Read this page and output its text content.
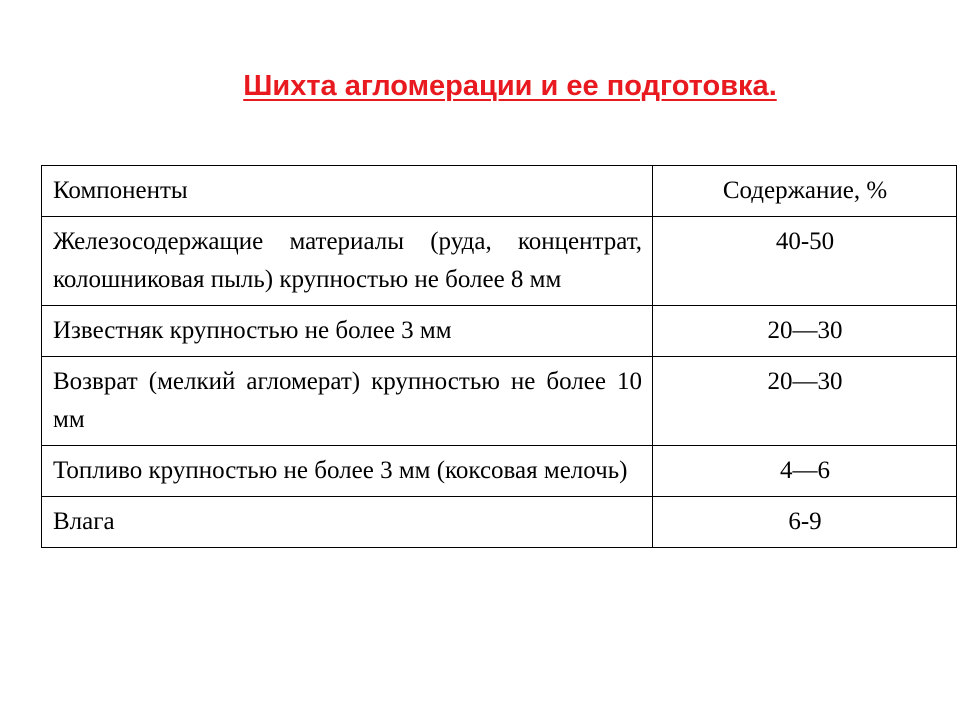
Шихта агломерации и ее подготовка.
Компоненты	Содержание, %
Железосодержащие материалы (руда, концентрат, колошниковая пыль) крупностью не более 8 мм	40-50
Известняк крупностью не более 3 мм	20—30
Возврат (мелкий агломерат) крупностью не более 10 мм	20—30
Топливо крупностью не более 3 мм (коксовая мелочь)	4—6
Влага	6-9
